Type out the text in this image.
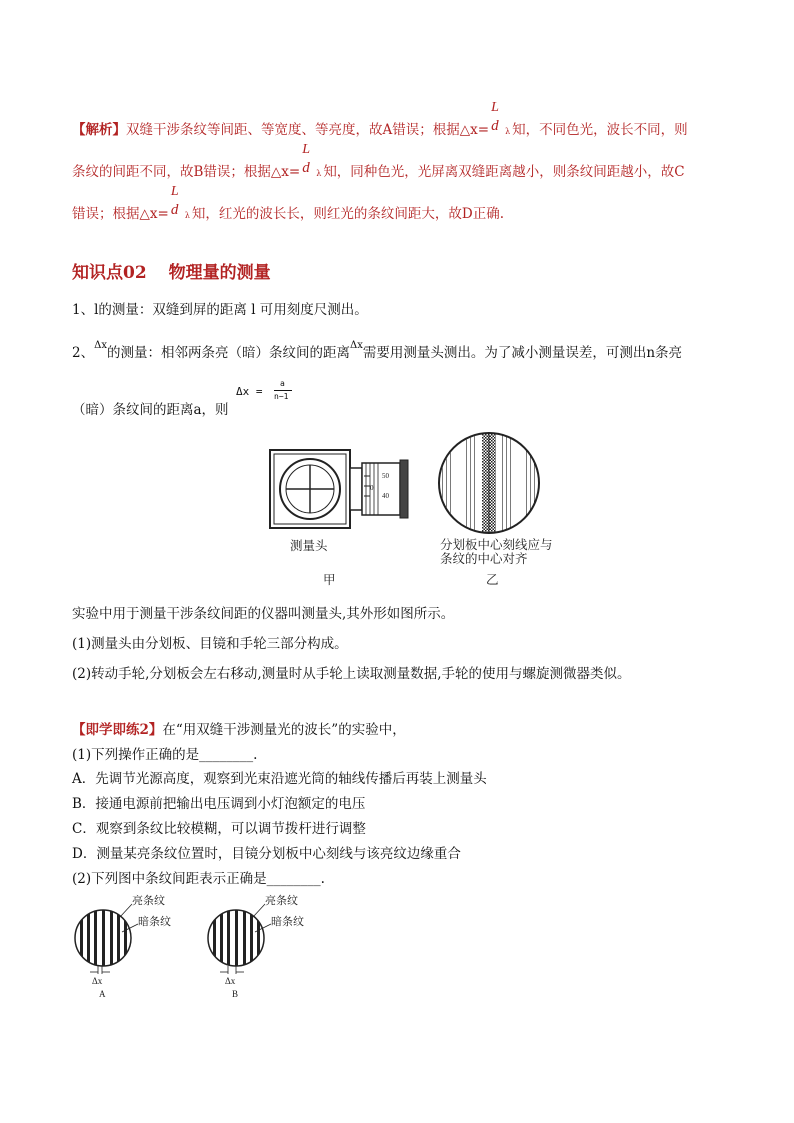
【解析】双缝干涉条纹等间距、等宽度、等亮度，故A错误；根据△x=
L
d λ 知，不同色光，波长不同，则
条纹的间距不同，故B错误；根据△x=
L
d λ 知，同种色光，光屏离双缝距离越小，则条纹间距越小，故C
错误；根据△x=
L
d λ 知，红光的波长长，则红光的条纹间距大，故D正确.
知识点02 物理量的测量
1、l的测量：双缝到屏的距离 l 可用刻度尺测出。
2、$^{\Delta x}$的测量：相邻两条亮（暗）条纹间的距离$^{\Delta x}$需要用测量头测出。为了减小测量误差，可测出n条亮
（暗）条纹间的距离a，则
Δx =
a
n−1
50
0
40
测量头
甲
分划板中心刻线应与
条纹的中心对齐
乙
实验中用于测量干涉条纹间距的仪器叫测量头,其外形如图所示。
(1)测量头由分划板、目镜和手轮三部分构成。
(2)转动手轮,分划板会左右移动,测量时从手轮上读取测量数据,手轮的使用与螺旋测微器类似。
【即学即练2】在“用双缝干涉测量光的波长”的实验中，
(1)下列操作正确的是________.
A．先调节光源高度，观察到光束沿遮光筒的轴线传播后再装上测量头
B．接通电源前把输出电压调到小灯泡额定的电压
C．观察到条纹比较模糊，可以调节拨杆进行调整
D．测量某亮条纹位置时，目镜分划板中心刻线与该亮纹边缘重合
(2)下列图中条纹间距表示正确是________.
亮条纹
暗条纹
Δx
A
亮条纹
暗条纹
Δx
B
